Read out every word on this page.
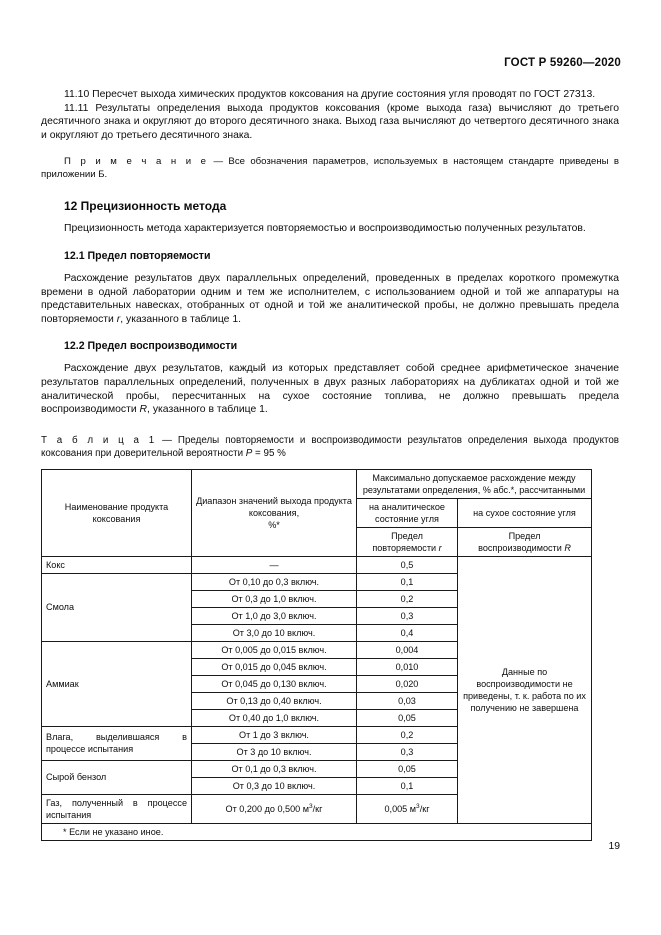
ГОСТ Р 59260—2020

11.10 Пересчет выхода химических продуктов коксования на другие состояния угля проводят по ГОСТ 27313.

11.11 Результаты определения выхода продуктов коксования (кроме выхода газа) вычисляют до третьего десятичного знака и округляют до второго десятичного знака. Выход газа вычисляют до четвертого десятичного знака и округляют до третьего десятичного знака.

П р и м е ч а н и е — Все обозначения параметров, используемых в настоящем стандарте приведены в приложении Б.

12 Прецизионность метода

Прецизионность метода характеризуется повторяемостью и воспроизводимостью полученных результатов.

12.1 Предел повторяемости

Расхождение результатов двух параллельных определений, проведенных в пределах короткого промежутка времени в одной лаборатории одним и тем же исполнителем, с использованием одной и той же аппаратуры на представительных навесках, отобранных от одной и той же аналитической пробы, не должно превышать предела повторяемости r, указанного в таблице 1.

12.2 Предел воспроизводимости

Расхождение двух результатов, каждый из которых представляет собой среднее арифметическое значение результатов параллельных определений, полученных в двух разных лабораториях на дубликатах одной и той же аналитической пробы, пересчитанных на сухое состояние топлива, не должно превышать предела воспроизводимости R, указанного в таблице 1.

Т а б л и ц а 1 — Пределы повторяемости и воспроизводимости результатов определения выхода продуктов коксования при доверительной вероятности P = 95 %

Наименование продукта коксования	Диапазон значений выхода продукта
коксования,
%*	Максимально допускаемое расхождение между результатами определения, % абс.*, рассчитанными	
		на аналитическое состояние угля	на сухое состояние угля
		Предел
повторяемости r	Предел
воспроизводимости R
Кокс	—	0,5	Данные по воспроизводимости не приведены, т. к. работа по их получению не завершена
Смола	От 0,10 до 0,3 включ.	0,1	
	От 0,3 до 1,0 включ.	0,2	
	От 1,0 до 3,0 включ.	0,3	
	От 3,0 до 10 включ.	0,4	
Аммиак	От 0,005 до 0,015 включ.	0,004	
	От 0,015 до 0,045 включ.	0,010	
	От 0,045 до 0,130 включ.	0,020	
	От 0,13 до 0,40 включ.	0,03	
	От 0,40 до 1,0 включ.	0,05	
Влага, выделившаяся в процессе испытания	От 1 до 3 включ.	0,2	
	От 3 до 10 включ.	0,3	
Сырой бензол	От 0,1 до 0,3 включ.	0,05	
	От 0,3 до 10 включ.	0,1	
Газ, полученный в процессе испытания	От 0,200 до 0,500 $м^3/кг$	0,005 $м^3/кг$	
* Если не указано иное.			
19
